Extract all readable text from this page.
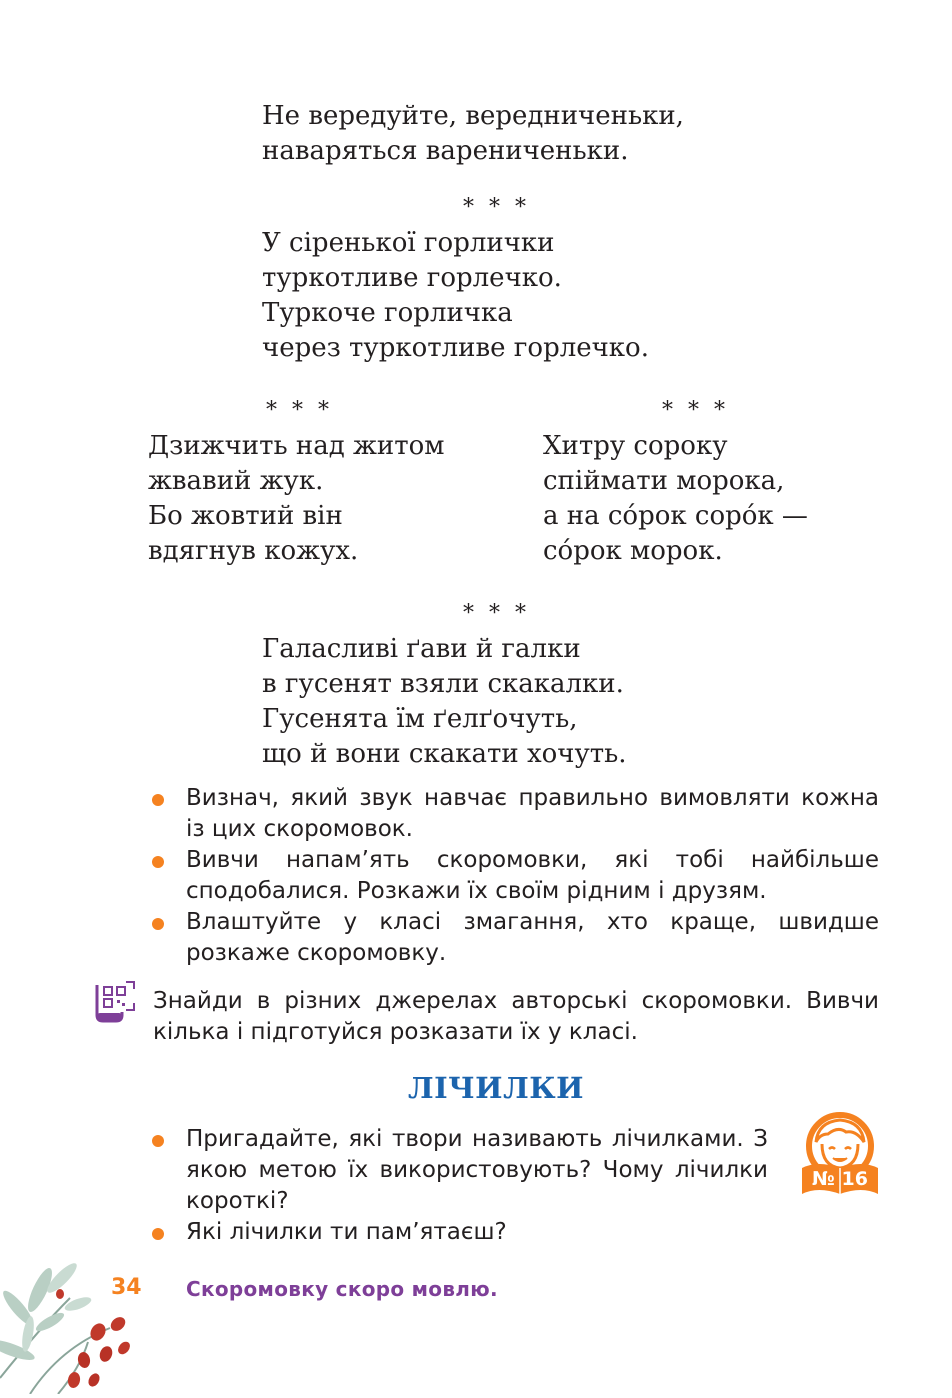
Не вередуйте, вередниченьки,
наваряться варениченьки.
* * *
У сіренької горлички
туркотливе горлечко.
Туркоче горличка
через туркотливе горлечко.
* * *
Дзижчить над житом
жвавий жук.
Бо жовтий він
вдягнув кожух.
* * *
Хитру сороку
спіймати морока,
а на со́рок соро́к —
со́рок морок.
* * *
Галасливі ґави й галки
в гусенят взяли скакалки.
Гусенята їм ґелґочуть,
що й вони скакати хочуть.
Визнач, який звук навчає правильно вимовляти кожна із цих скоромовок.
Вивчи напам’ять скоромовки, які тобі найбільше сподобалися. Розкажи їх своїм рідним і друзям.
Влаштуйте у класі змагання, хто краще, швидше розкаже скоромовку.
Знайди в різних джерелах авторські скоромовки. Вивчи кілька і підготуйся розказати їх у класі.
ЛІЧИЛКИ
Пригадайте, які твори називають лічилками. З якою метою їх використовують? Чому лічилки короткі?
Які лічилки ти пам’ятаєш?
№ 16
34 Скоромовку скоро мовлю.
